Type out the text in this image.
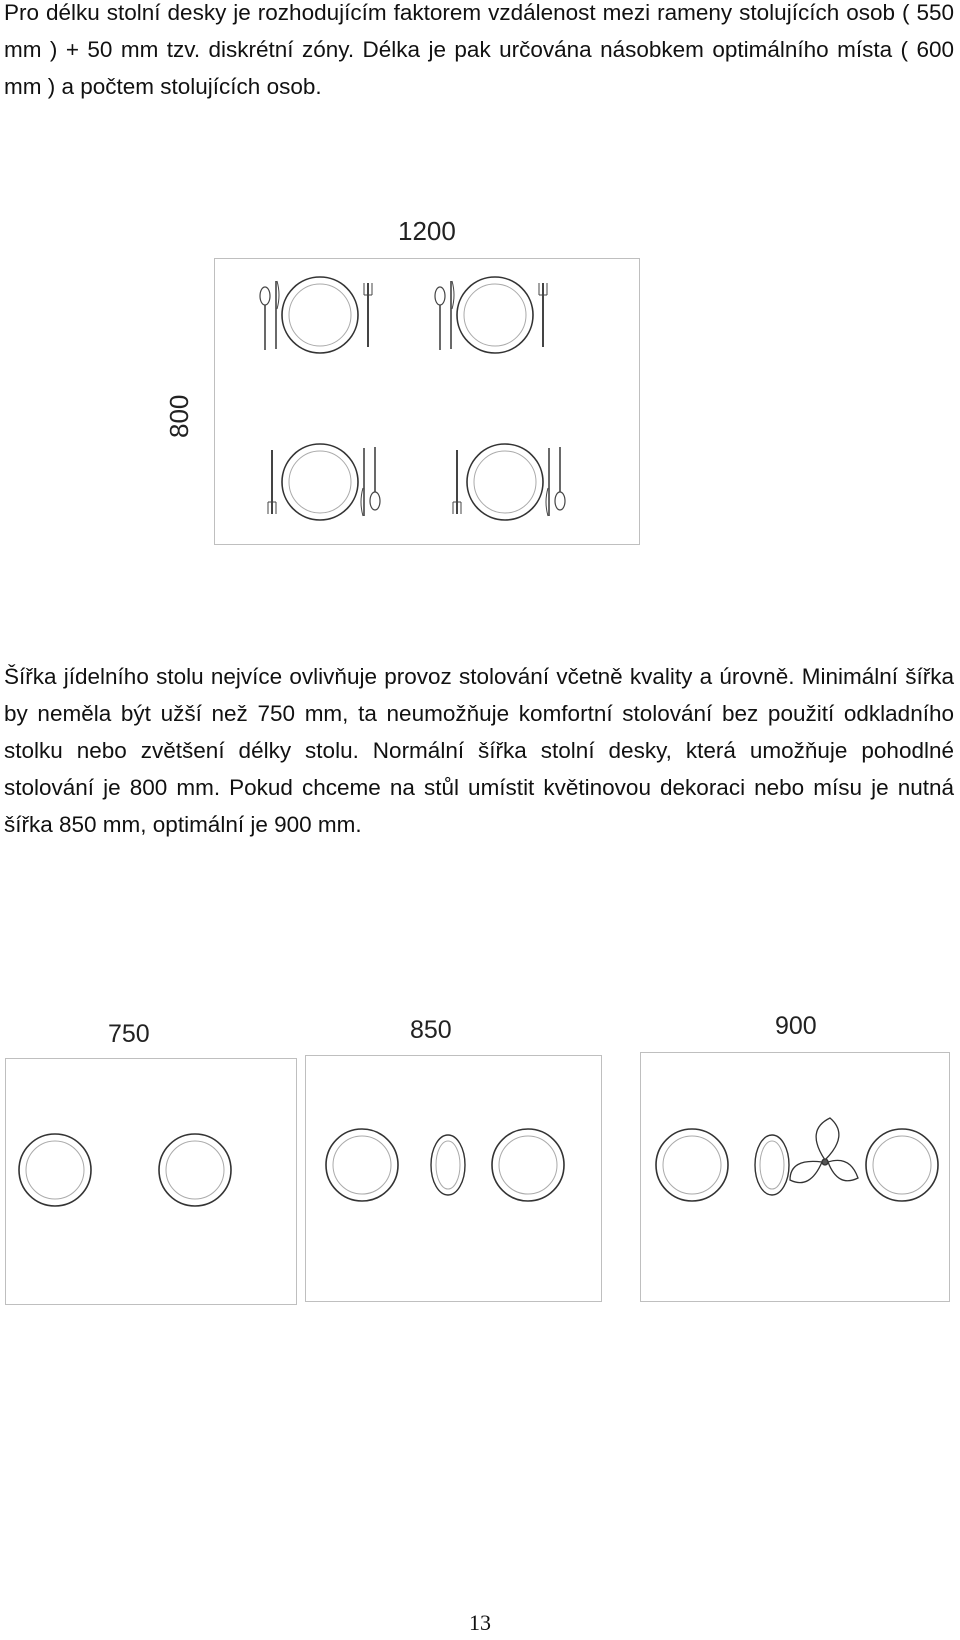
Pro délku stolní desky je rozhodujícím faktorem vzdálenost mezi rameny stolujících osob ( 550 mm ) + 50 mm tzv. diskrétní zóny. Délka je pak určována násobkem optimálního místa ( 600 mm ) a počtem stolujících osob.

1200
800

Šířka jídelního stolu nejvíce ovlivňuje provoz stolování včetně kvality a úrovně. Minimální šířka by neměla být užší než 750 mm, ta neumožňuje komfortní stolování bez použití odkladního stolku nebo zvětšení délky stolu. Normální šířka stolní desky, která umožňuje pohodlné stolování je 800 mm. Pokud chceme na stůl umístit květinovou dekoraci nebo mísu je nutná šířka 850 mm, optimální je 900 mm.

750	850	900
13
